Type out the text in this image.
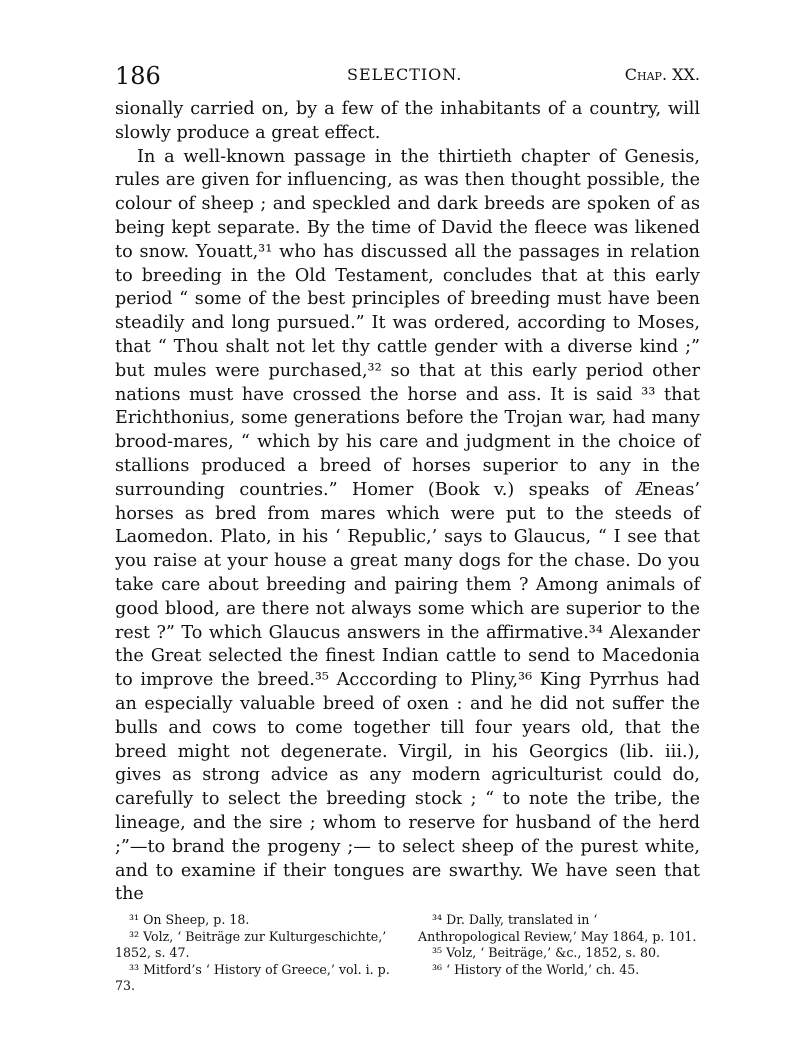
186	SELECTION.	Chap. XX.

sionally carried on, by a few of the inhabitants of a country, will slowly produce a great effect.

In a well-known passage in the thirtieth chapter of Genesis, rules are given for influencing, as was then thought possible, the colour of sheep ; and speckled and dark breeds are spoken of as being kept separate. By the time of David the fleece was likened to snow. Youatt,³¹ who has discussed all the passages in relation to breeding in the Old Testament, concludes that at this early period “ some of the best principles of breeding must have been steadily and long pursued.” It was ordered, according to Moses, that “ Thou shalt not let thy cattle gender with a diverse kind ;” but mules were purchased,³² so that at this early period other nations must have crossed the horse and ass. It is said ³³ that Erichthonius, some generations before the Trojan war, had many brood-mares, “ which by his care and judgment in the choice of stallions produced a breed of horses superior to any in the surrounding countries.” Homer (Book v.) speaks of Æneas’ horses as bred from mares which were put to the steeds of Laomedon. Plato, in his ‘ Republic,’ says to Glaucus, “ I see that you raise at your house a great many dogs for the chase. Do you take care about breeding and pairing them ? Among animals of good blood, are there not always some which are superior to the rest ?” To which Glaucus answers in the affirmative.³⁴ Alexander the Great selected the finest Indian cattle to send to Macedonia to improve the breed.³⁵ Acccording to Pliny,³⁶ King Pyrrhus had an especially valuable breed of oxen : and he did not suffer the bulls and cows to come together till four years old, that the breed might not degenerate. Virgil, in his Georgics (lib. iii.), gives as strong advice as any modern agriculturist could do, carefully to select the breeding stock ; “ to note the tribe, the lineage, and the sire ; whom to reserve for husband of the herd ;”—to brand the progeny ;— to select sheep of the purest white, and to examine if their tongues are swarthy. We have seen that the

³¹ On Sheep, p. 18.

³² Volz, ‘ Beiträge zur Kulturgeschichte,’ 1852, s. 47.

³³ Mitford’s ‘ History of Greece,’ vol. i. p. 73.

³⁴ Dr. Dally, translated in ‘ Anthropological Review,’ May 1864, p. 101.

³⁵ Volz, ‘ Beiträge,’ &c., 1852, s. 80.

³⁶ ‘ History of the World,’ ch. 45.
